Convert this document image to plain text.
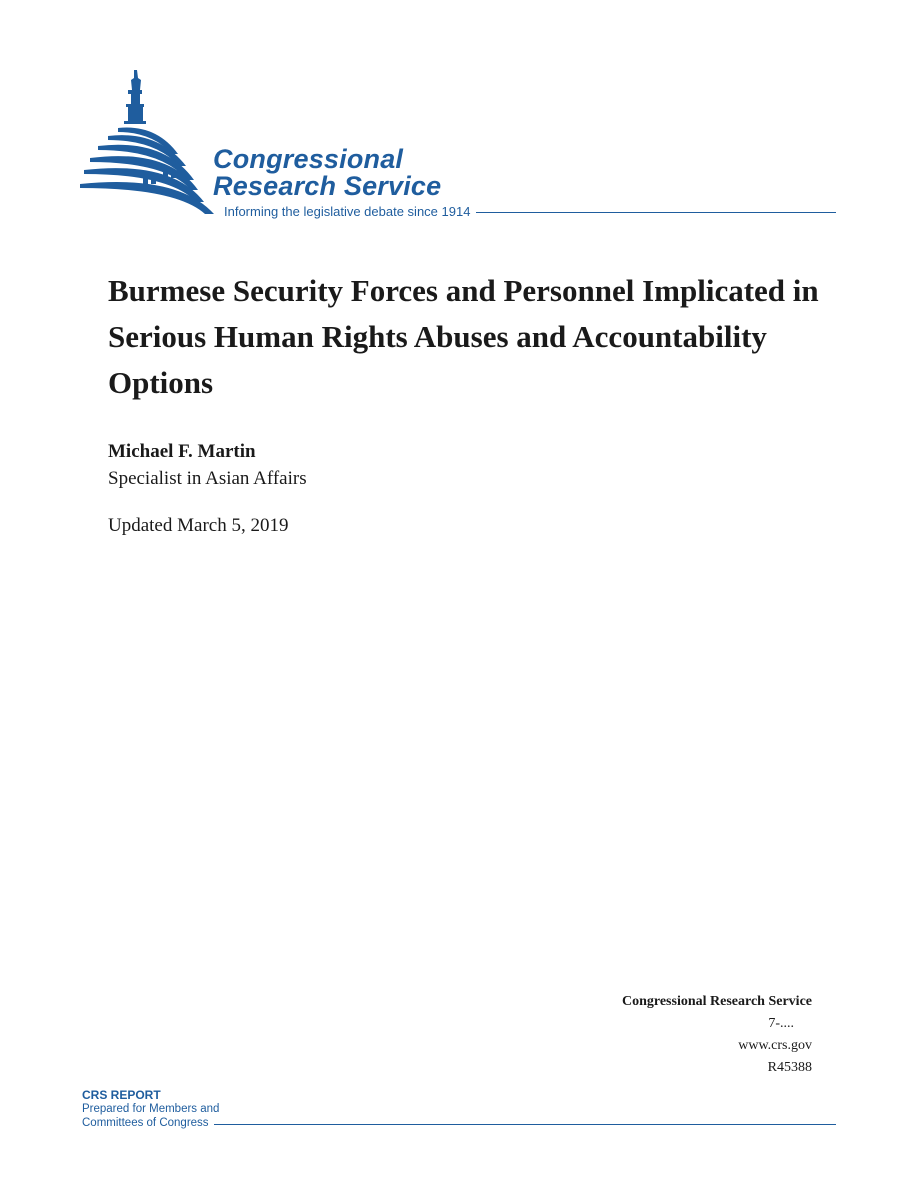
Congressional
Research Service
Informing the legislative debate since 1914
Burmese Security Forces and Personnel Implicated in Serious Human Rights Abuses and Accountability Options
Michael F. Martin
Specialist in Asian Affairs
Updated March 5, 2019
Congressional Research Service
7-....
www.crs.gov
R45388
CRS REPORT
Prepared for Members and
Committees of Congress
